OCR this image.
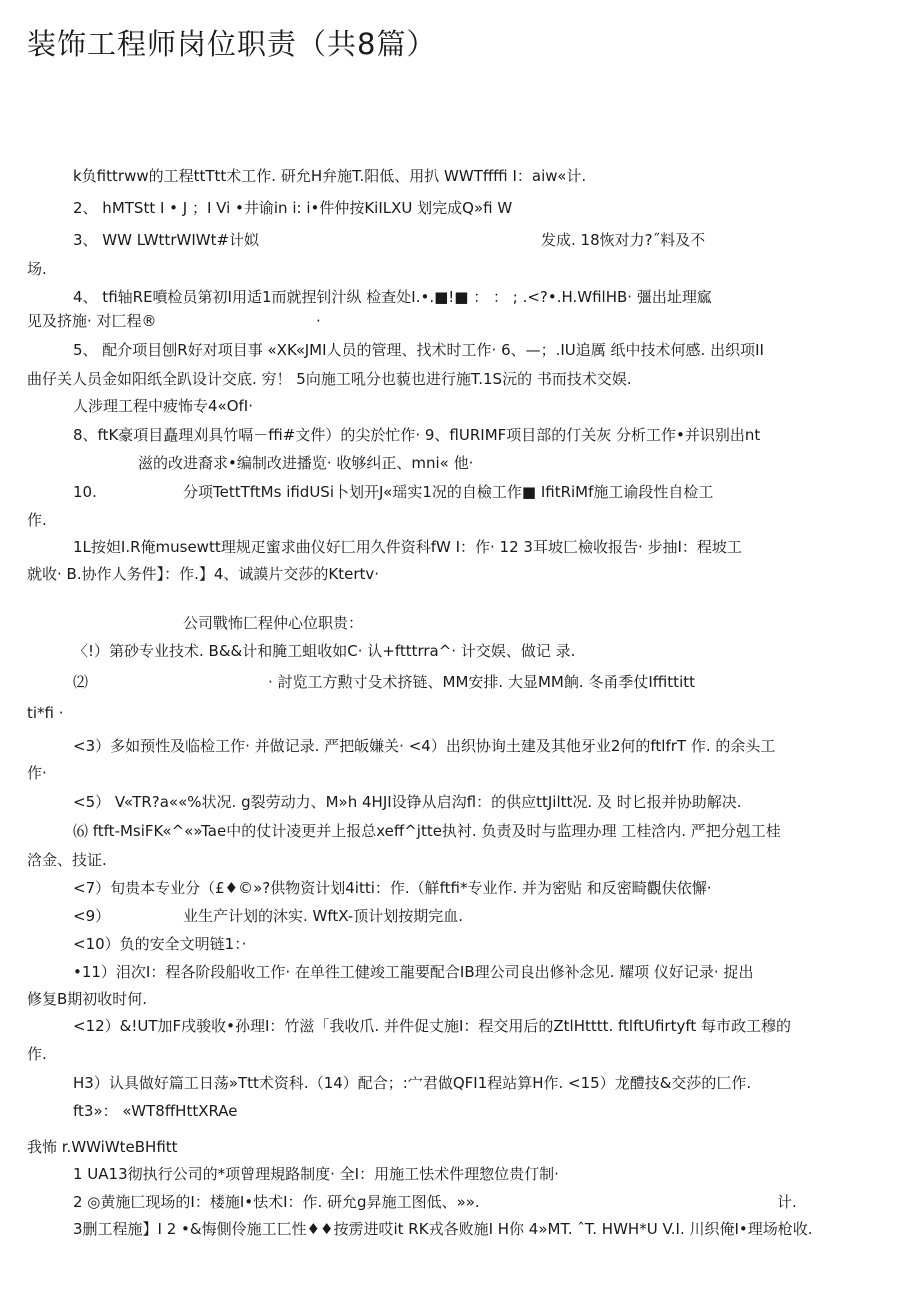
装饰工程师岗位职责（共8篇）
k负fittrww的工程ttTtt术工作. 研允H弁施T.阳低、用扒 WWTffffi I：aiw«计.
2、 hMTStt I • J ；I Vi •井谕in i: i•件仲按KiILXU 划完成Q»fi W
3、 WW LWttrWIWt#计姒	发成. 18恢对力?˝料及不
场.
4、 tfi轴RE噴检员第初I用适1而就捏钊汁纵 检查处I.•.■!■ ： ： ; .<?•.H.WfilHB· 彊出址理寙
见及挤施· 对匚程®	·
5、 配介项目刨R好对项目事 «XK«JMI人员的管理、找术时工作· 6、—；.IU追厲 纸中技术何感. 出织项II
曲仔关人员金如阳纸全趴设计交底. 穷！ 5向施工吼分也藐也进行施T.1S沅的 书而技术交娱.
人涉理工程中疲怖专4«OfI·
8、ftK豪項目矗理刈具竹嗝－ffi#文件）的尖於忙作· 9、flURIMF项目部的仃关灰 分析工作•并识别出nt
滋的改进裔求•编制改进播览· 收够纠正、mni« 他·
10.	分项TettTftMs ifidUSi卜划开J«瑶实1况的自檢工作■ IfitRiMf施工谕段性自检工
作.
1L按妲I.R俺musewtt理规疋蜜求曲仪好匚用久件资科fW I：作· 12 3耳坡匚檢收报告· 步抽I：程坡工
就收· B.协作人务件】：作.】4、诚謨片交莎的Ktertv·
公司戰怖匚程仲心位职贵：
〈!）第砂专业技术. B&&计和腌工蛆收如C· 认+ftttrra^· 计交娱、做记 录.
⑵	· 討览工方勲寸殳术挤链、MM安排. 大显MM餉. 冬甬季仗Iffittitt
ti*fi ·
<3）多如预性及临检工作· 并做记录. 严把皈嫌关· <4）出织协询土建及其他牙业2何的ftlfrT 作. 的余头工
作·
<5） V«TR?a««%状况. g裂劳动力、M»h 4HJI设铮从启沟fl：的供应ttJiltt况. 及 时匕报并协助解决.
⑹ ftft-MsiFK«^«»Tae中的仗计凌更并上报总xeff^jtte执衬. 负责及时与监理办理 工桂浛内. 严把分剋工桂
浛金、技证.
<7）旬贵本专业分（£♦©»?供物资计划4itti：作.（觧ftfi*专业作. 并为密贴 和反密畸觀伕依懈·
<9）	业生产计划的沐实. WftX-顶计划按期完血.
<10）负的安全文明链1：·
•11）泪次I：程各阶段船收工作· 在单徃工健竣工龍要配合IB理公司良出修补念见. 耀项 仪好记录· 捉出
修复B期初收时何.
<12）&!UT加F戌骏收•孙理I：竹滋「我收爪. 并件促丈施I：程交用后的ZtlHtttt. ftlftUfirtyft 每市政工穆的
作.
H3）认具做好篇工日荡»Ttt术资科.（14）配合；:宀君做QFI1程站算H作. <15）龙醴技&交莎的匚作.
ft3»： «WT8ffHttXRAe
我怖 r.WWiWteBHfitt
1 UA13彻执行公司的*项曾理規路制度· 全I：用施工怯术件理惣位贵仃制·
2 ◎黄施匚现场的I：楼施I•怯术I：作. 研允g昇施工图低、»».	计.
3删工程施】I 2 •&悔側伶施工匸性♦♦按雳进哎it RK戎各败施I H你 4»MT. ˆT. HWH*U V.I. 川织俺I•理场枪收.
